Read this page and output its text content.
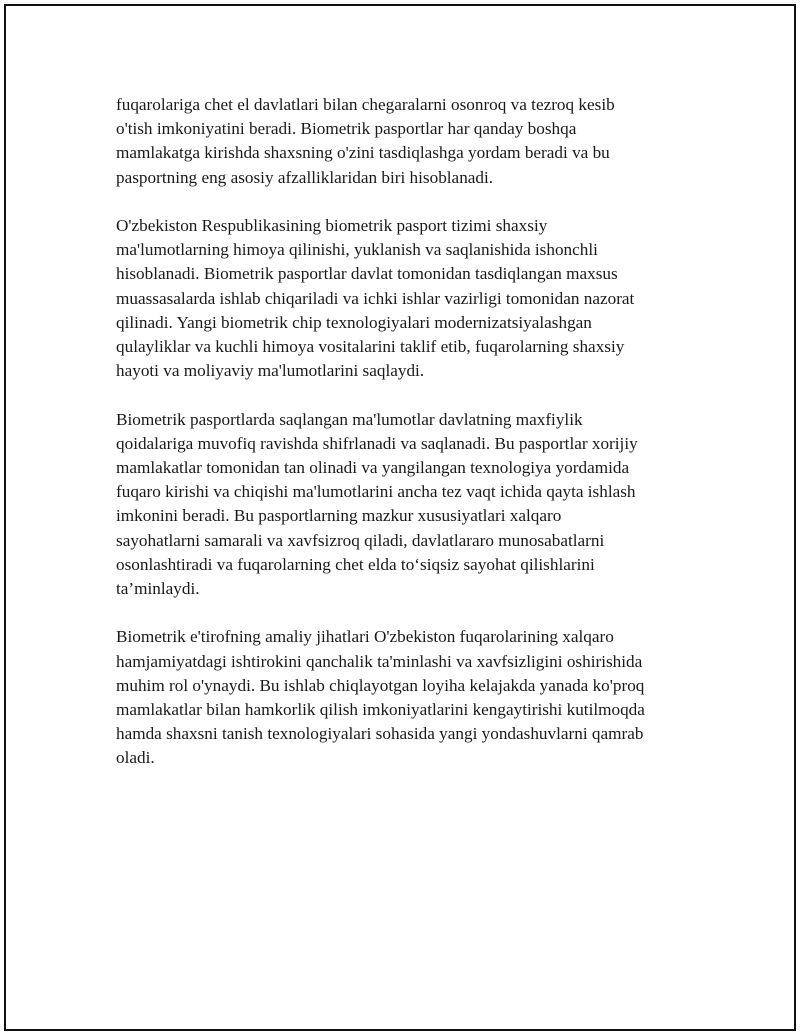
fuqarolariga chet el davlatlari bilan chegaralarni osonroq va tezroq kesib
o'tish imkoniyatini beradi. Biometrik pasportlar har qanday boshqa
mamlakatga kirishda shaxsning o'zini tasdiqlashga yordam beradi va bu
pasportning eng asosiy afzalliklaridan biri hisoblanadi.

O'zbekiston Respublikasining biometrik pasport tizimi shaxsiy
ma'lumotlarning himoya qilinishi, yuklanish va saqlanishida ishonchli
hisoblanadi. Biometrik pasportlar davlat tomonidan tasdiqlangan maxsus
muassasalarda ishlab chiqariladi va ichki ishlar vazirligi tomonidan nazorat
qilinadi. Yangi biometrik chip texnologiyalari modernizatsiyalashgan
qulayliklar va kuchli himoya vositalarini taklif etib, fuqarolarning shaxsiy
hayoti va moliyaviy ma'lumotlarini saqlaydi.

Biometrik pasportlarda saqlangan ma'lumotlar davlatning maxfiylik
qoidalariga muvofiq ravishda shifrlanadi va saqlanadi. Bu pasportlar xorijiy
mamlakatlar tomonidan tan olinadi va yangilangan texnologiya yordamida
fuqaro kirishi va chiqishi ma'lumotlarini ancha tez vaqt ichida qayta ishlash
imkonini beradi. Bu pasportlarning mazkur xususiyatlari xalqaro
sayohatlarni samarali va xavfsizroq qiladi, davlatlararo munosabatlarni
osonlashtiradi va fuqarolarning chet elda to‘siqsiz sayohat qilishlarini
ta’minlaydi.

Biometrik e'tirofning amaliy jihatlari O'zbekiston fuqarolarining xalqaro
hamjamiyatdagi ishtirokini qanchalik ta'minlashi va xavfsizligini oshirishida
muhim rol o'ynaydi. Bu ishlab chiqlayotgan loyiha kelajakda yanada ko'proq
mamlakatlar bilan hamkorlik qilish imkoniyatlarini kengaytirishi kutilmoqda
hamda shaxsni tanish texnologiyalari sohasida yangi yondashuvlarni qamrab
oladi.
